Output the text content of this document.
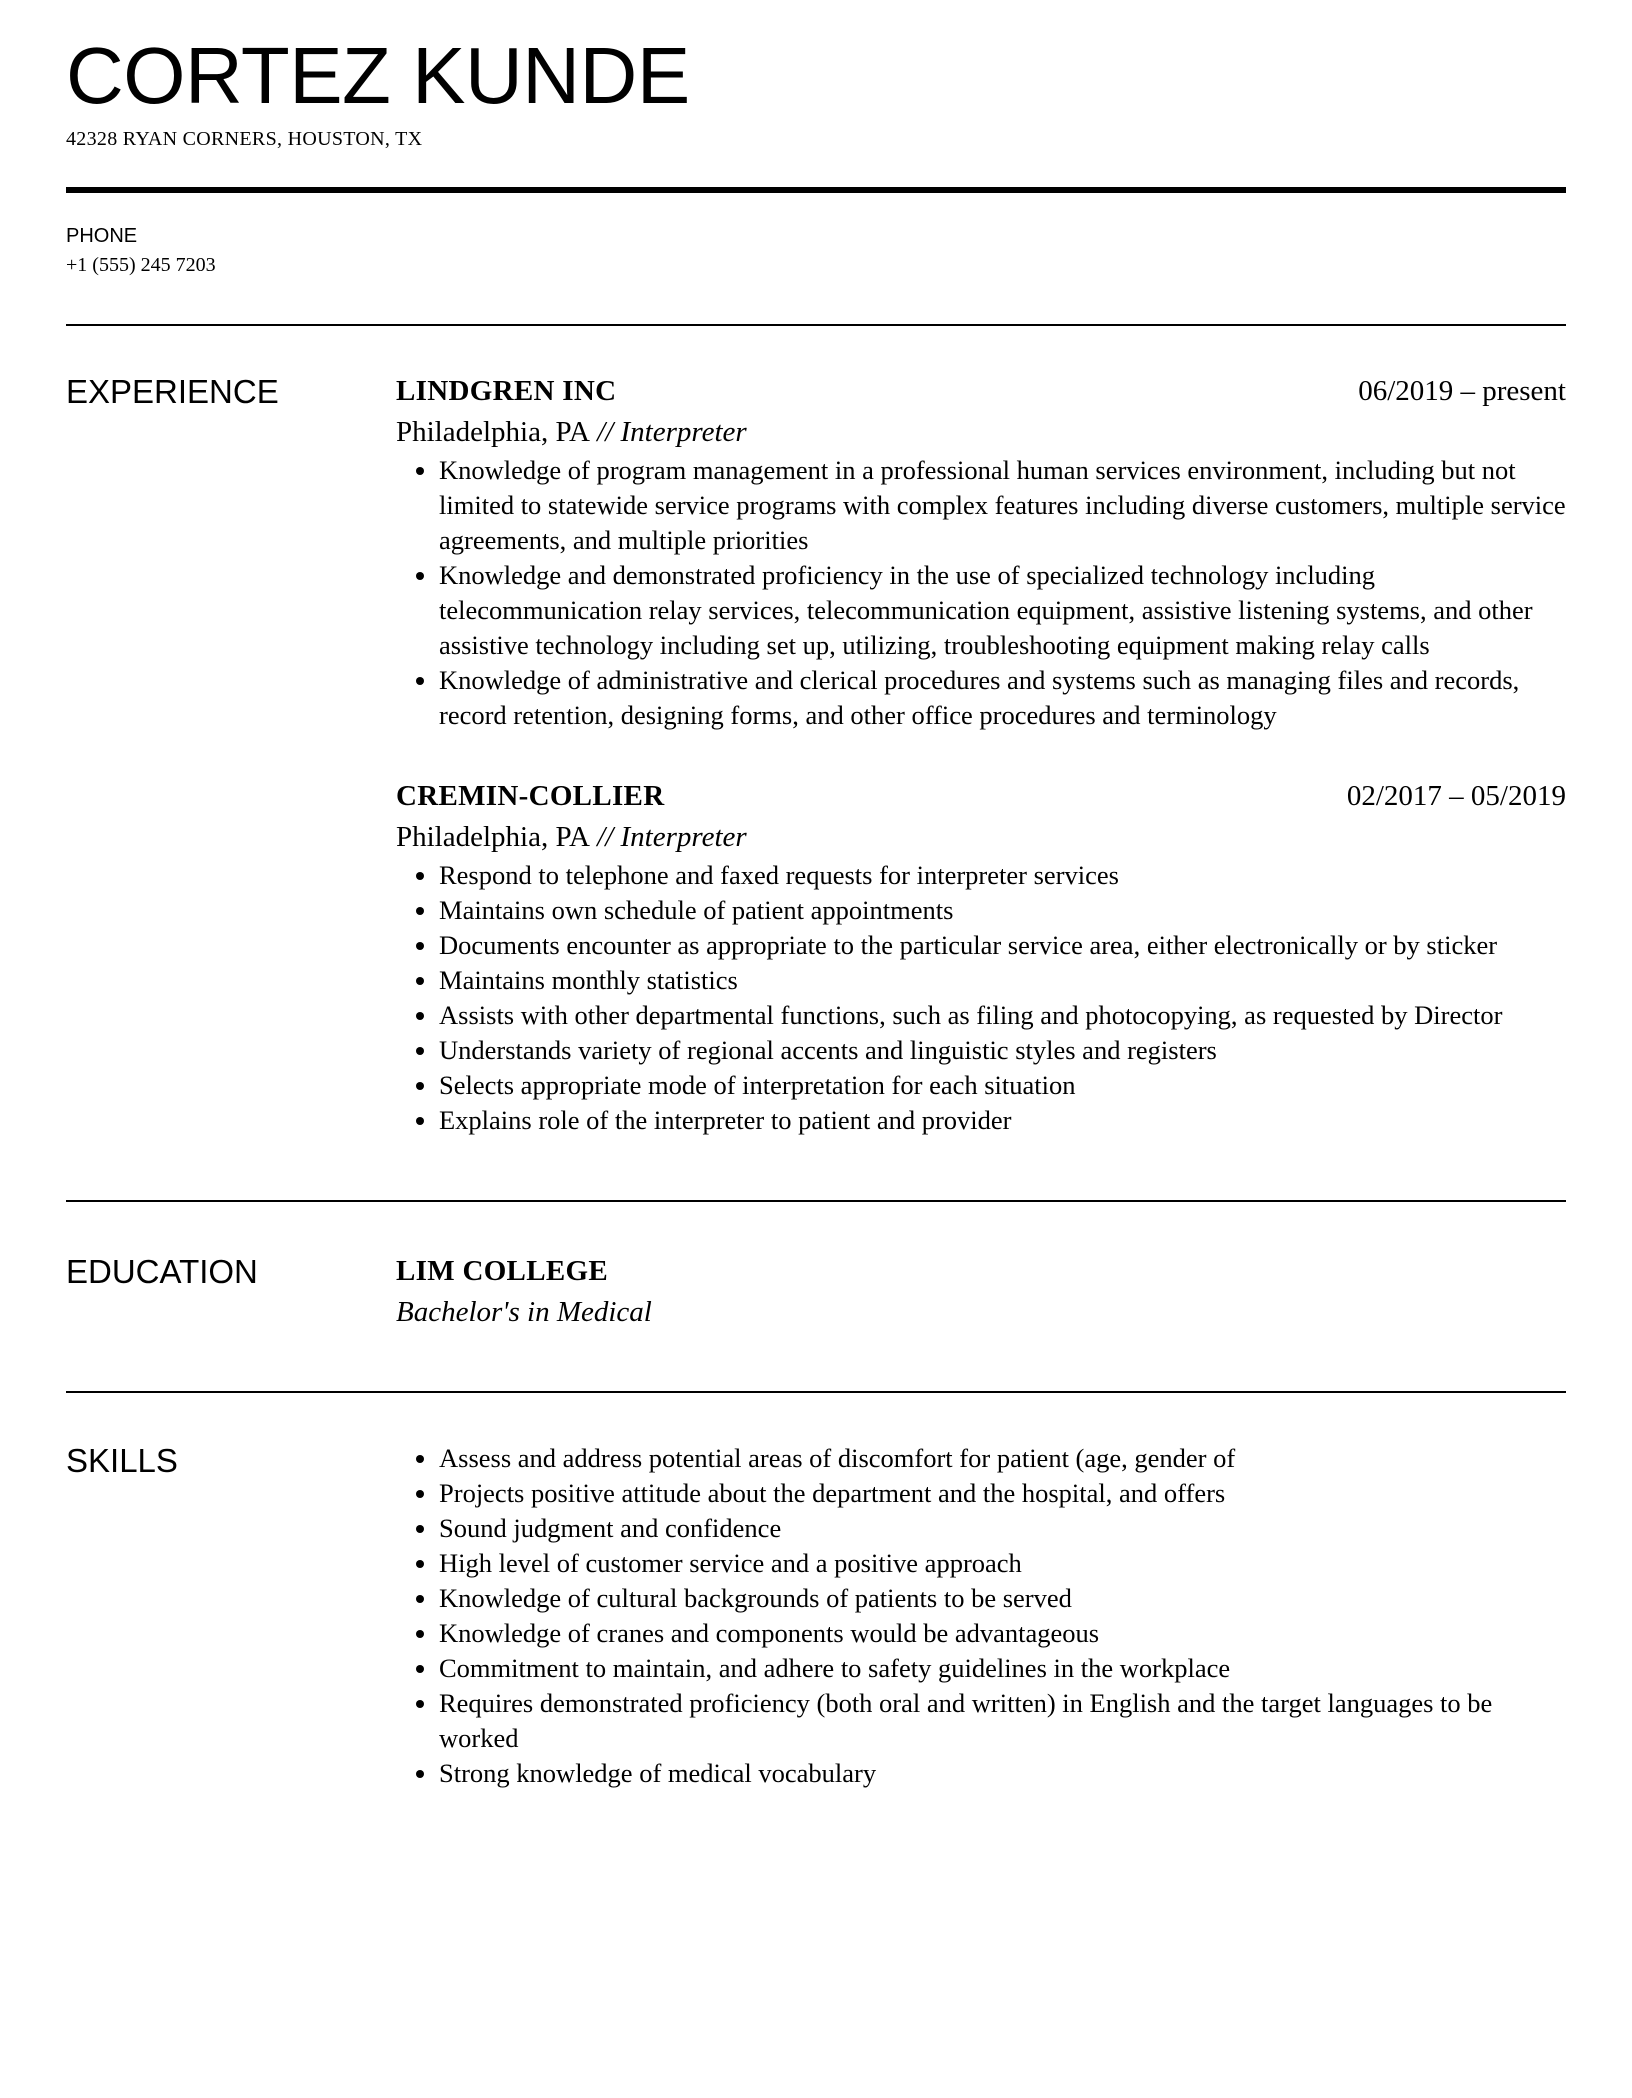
CORTEZ KUNDE
42328 RYAN CORNERS, HOUSTON, TX
PHONE
+1 (555) 245 7203
EXPERIENCE	LINDGREN INC	06/2019 – present
Philadelphia, PA // Interpreter
Knowledge of program management in a professional human services environment, including but not limited to statewide service programs with complex features including diverse customers, multiple service agreements, and multiple priorities
Knowledge and demonstrated proficiency in the use of specialized technology including telecommunication relay services, telecommunication equipment, assistive listening systems, and other assistive technology including set up, utilizing, troubleshooting equipment making relay calls
Knowledge of administrative and clerical procedures and systems such as managing files and records, record retention, designing forms, and other office procedures and terminology
CREMIN-COLLIER	02/2017 – 05/2019
Philadelphia, PA // Interpreter
Respond to telephone and faxed requests for interpreter services
Maintains own schedule of patient appointments
Documents encounter as appropriate to the particular service area, either electronically or by sticker
Maintains monthly statistics
Assists with other departmental functions, such as filing and photocopying, as requested by Director
Understands variety of regional accents and linguistic styles and registers
Selects appropriate mode of interpretation for each situation
Explains role of the interpreter to patient and provider
EDUCATION	LIM COLLEGE
Bachelor's in Medical
SKILLS	Assess and address potential areas of discomfort for patient (age, gender of
Projects positive attitude about the department and the hospital, and offers
Sound judgment and confidence
High level of customer service and a positive approach
Knowledge of cultural backgrounds of patients to be served
Knowledge of cranes and components would be advantageous
Commitment to maintain, and adhere to safety guidelines in the workplace
Requires demonstrated proficiency (both oral and written) in English and the target languages to be worked
Strong knowledge of medical vocabulary
